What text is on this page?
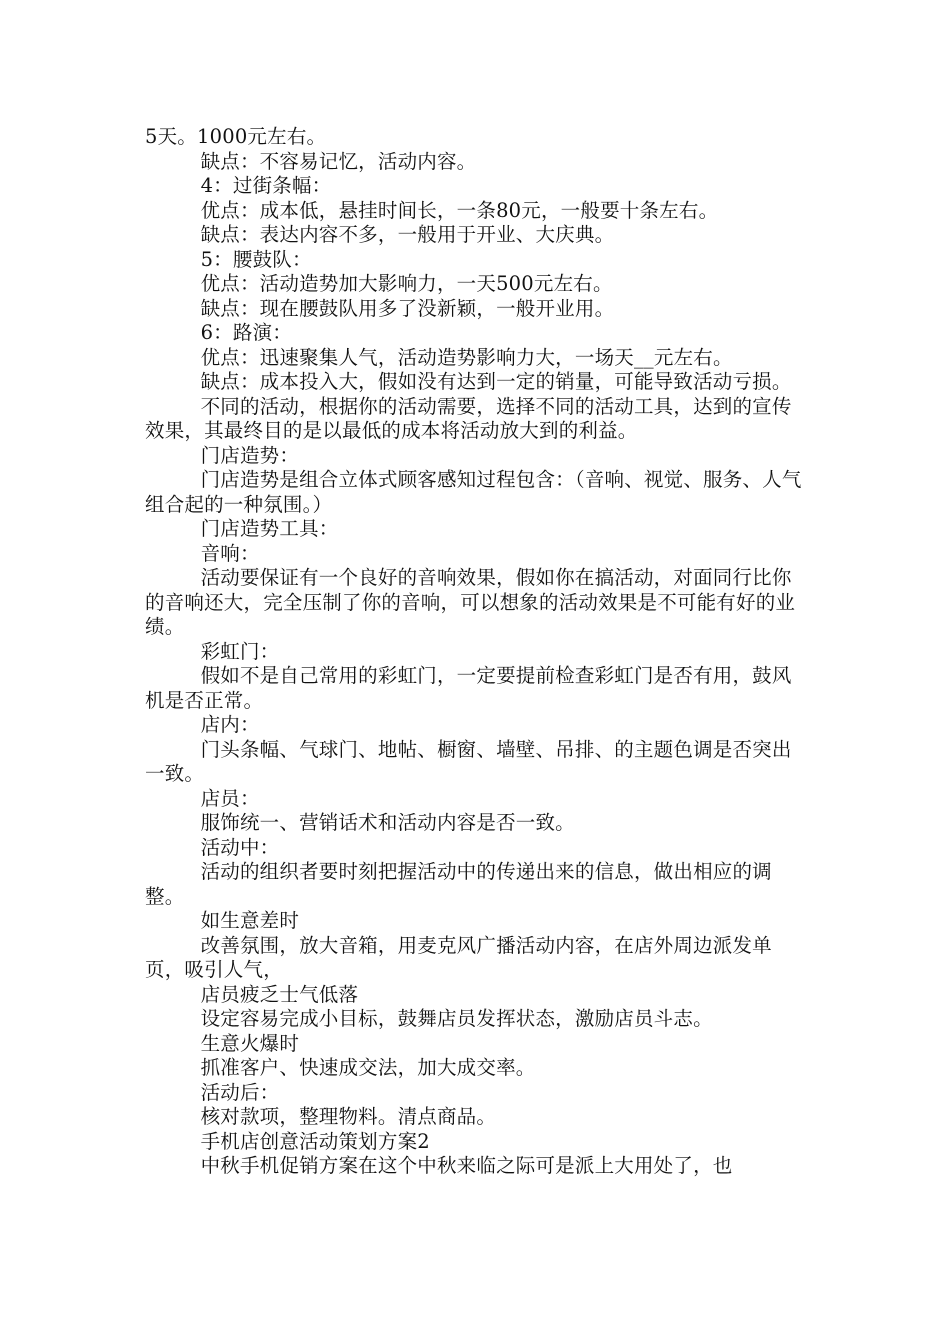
5天。1000元左右。

缺点：不容易记忆，活动内容。

4：过街条幅：

优点：成本低，悬挂时间长，一条80元，一般要十条左右。

缺点：表达内容不多，一般用于开业、大庆典。

5：腰鼓队：

优点：活动造势加大影响力，一天500元左右。

缺点：现在腰鼓队用多了没新颖，一般开业用。

6：路演：

优点：迅速聚集人气，活动造势影响力大，一场天__元左右。

缺点：成本投入大，假如没有达到一定的销量，可能导致活动亏损。

不同的活动，根据你的活动需要，选择不同的活动工具，达到的宣传效果，其最终目的是以最低的成本将活动放大到的利益。

门店造势：

门店造势是组合立体式顾客感知过程包含：（音响、视觉、服务、人气组合起的一种氛围。）

门店造势工具：

音响：

活动要保证有一个良好的音响效果，假如你在搞活动，对面同行比你的音响还大，完全压制了你的音响，可以想象的活动效果是不可能有好的业绩。

彩虹门：

假如不是自己常用的彩虹门，一定要提前检查彩虹门是否有用，鼓风机是否正常。

店内：

门头条幅、气球门、地帖、橱窗、墙壁、吊排、的主题色调是否突出一致。

店员：

服饰统一、营销话术和活动内容是否一致。

活动中：

活动的组织者要时刻把握活动中的传递出来的信息，做出相应的调整。

如生意差时

改善氛围，放大音箱，用麦克风广播活动内容，在店外周边派发单页，吸引人气，

店员疲乏士气低落

设定容易完成小目标，鼓舞店员发挥状态，激励店员斗志。

生意火爆时

抓准客户、快速成交法，加大成交率。

活动后：

核对款项，整理物料。清点商品。

手机店创意活动策划方案2

中秋手机促销方案在这个中秋来临之际可是派上大用处了，也
